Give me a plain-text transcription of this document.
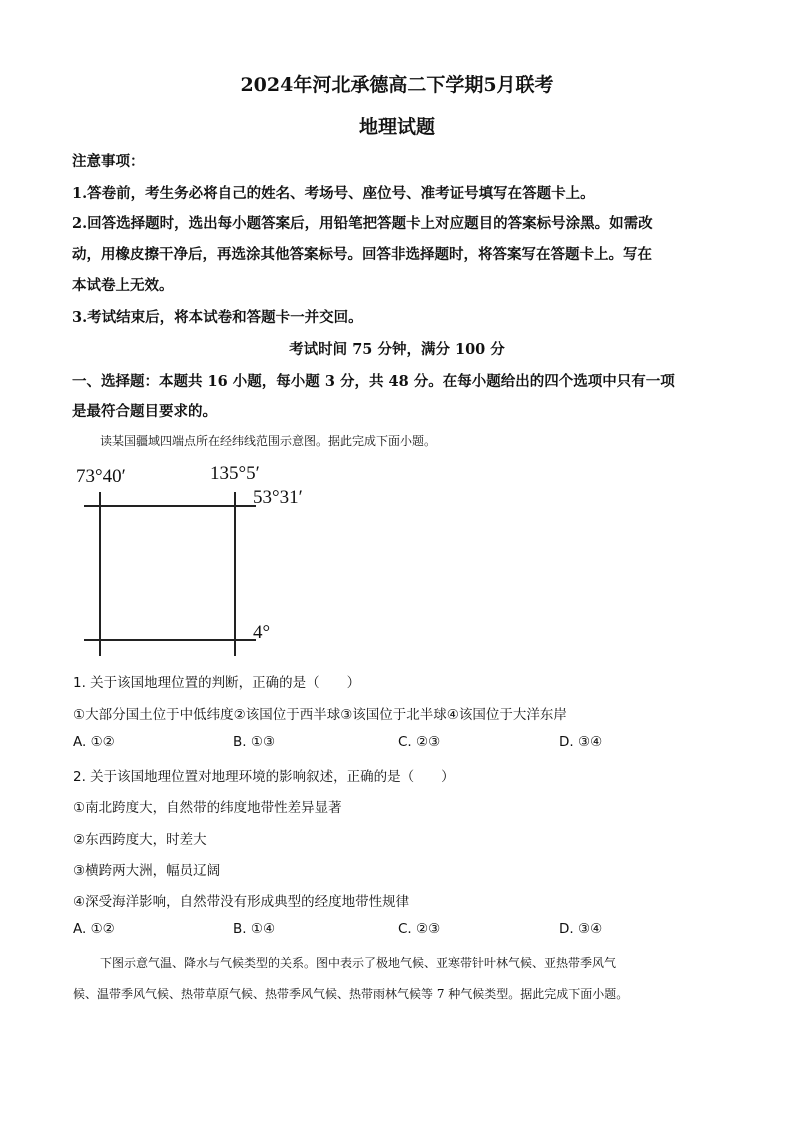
2024年河北承德高二下学期5月联考
地理试题
注意事项：
1.答卷前，考生务必将自己的姓名、考场号、座位号、准考证号填写在答题卡上。
2.回答选择题时，选出每小题答案后，用铅笔把答题卡上对应题目的答案标号涂黑。如需改
动，用橡皮擦干净后，再选涂其他答案标号。回答非选择题时，将答案写在答题卡上。写在
本试卷上无效。
3.考试结束后，将本试卷和答题卡一并交回。
考试时间 75 分钟，满分 100 分
一、选择题：本题共 16 小题，每小题 3 分，共 48 分。在每小题给出的四个选项中只有一项
是最符合题目要求的。
读某国疆域四端点所在经纬线范围示意图。据此完成下面小题。
73°40′	135°5′
53°31′
4°
1. 关于该国地理位置的判断，正确的是（　　）
①大部分国土位于中低纬度②该国位于西半球③该国位于北半球④该国位于大洋东岸
A. ①②	B. ①③	C. ②③	D. ③④
2. 关于该国地理位置对地理环境的影响叙述，正确的是（　　）
①南北跨度大，自然带的纬度地带性差异显著
②东西跨度大，时差大
③横跨两大洲，幅员辽阔
④深受海洋影响，自然带没有形成典型的经度地带性规律
A. ①②	B. ①④	C. ②③	D. ③④
下图示意气温、降水与气候类型的关系。图中表示了极地气候、亚寒带针叶林气候、亚热带季风气
候、温带季风气候、热带草原气候、热带季风气候、热带雨林气候等 7 种气候类型。据此完成下面小题。
